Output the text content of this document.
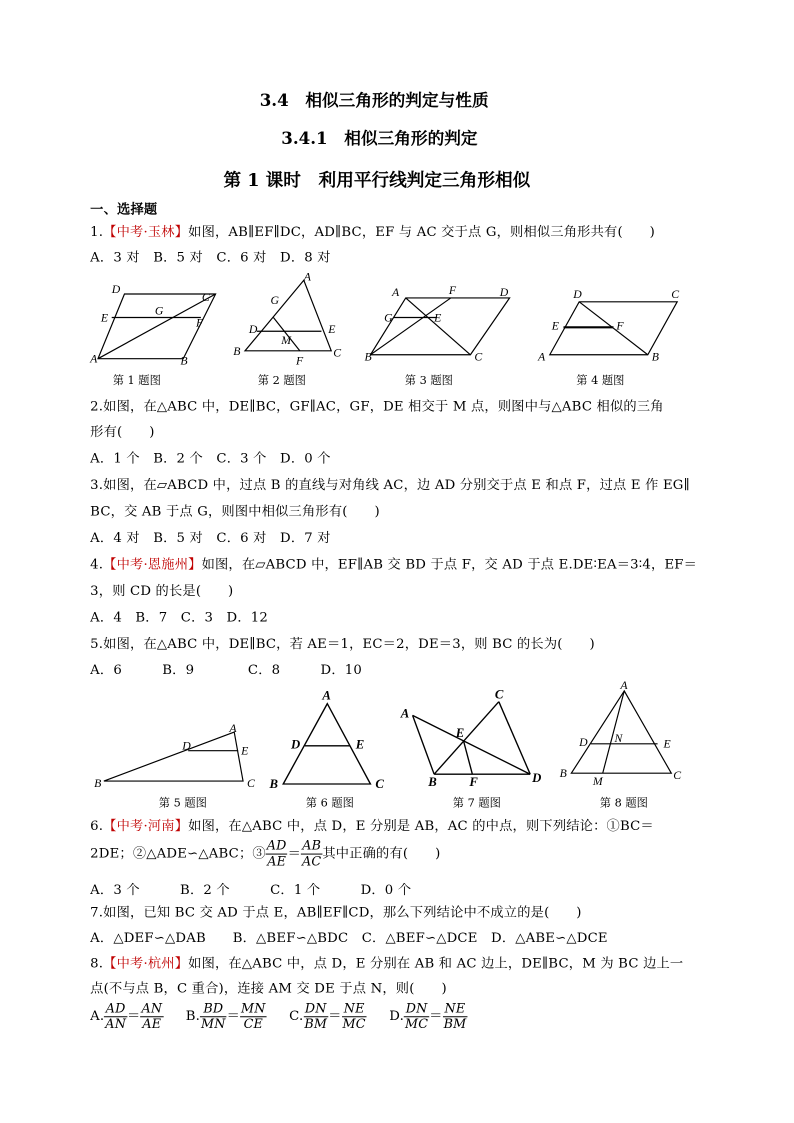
3.4　相似三角形的判定与性质
3.4.1　相似三角形的判定
第 1 课时　利用平行线判定三角形相似
一、选择题
1.【中考·玉林】如图，AB∥EF∥DC，AD∥BC，EF 与 AC 交于点 G，则相似三角形共有(　　)
A．3 对　B．5 对　C．6 对　D．8 对
D
C
E
G
F
A	B
第 1 题图
A
G
D	E
M
B
F
C
第 2 题图
A	F	D
G	E
B	C
第 3 题图
D	C
E	F
A	B
第 4 题图
2.如图，在△ABC 中，DE∥BC，GF∥AC，GF，DE 相交于 M 点，则图中与△ABC 相似的三角
形有(　　)
A．1 个　B．2 个　C．3 个　D．0 个
3.如图，在▱ABCD 中，过点 B 的直线与对角线 AC，边 AD 分别交于点 E 和点 F，过点 E 作 EG∥
BC，交 AB 于点 G，则图中相似三角形有(　　)
A．4 对　B．5 对　C．6 对　D．7 对
4.【中考·恩施州】如图，在▱ABCD 中，EF∥AB 交 BD 于点 F，交 AD 于点 E.DE∶EA＝3∶4，EF＝
3，则 CD 的长是(　　)
A．4　B．7　C．3　D．12
5.如图，在△ABC 中，DE∥BC，若 AE＝1，EC＝2，DE＝3，则 BC 的长为(　　)
A．6　　　B．9　　　　C．8　　　D．10
A
D	E
B	C
第 5 题图
A
D	E
B	C
第 6 题图
C
A
E
B	F	D
第 7 题图
A
D N	E
B
M	C
第 8 题图
6.【中考·河南】如图，在△ABC 中，点 D，E 分别是 AB，AC 的中点，则下列结论：①BC＝
2DE；②△ADE∽△ABC；③ $\frac{AD}{AE} = \frac{AB}{AC}$ 其中正确的有(　　)
A．3 个　　　B．2 个　　　C．1 个　　　D．0 个
7.如图，已知 BC 交 AD 于点 E，AB∥EF∥CD，那么下列结论中不成立的是(　　)
A．△DEF∽△DAB　　B．△BEF∽△BDC　C．△BEF∽△DCE　D．△ABE∽△DCE
8.【中考·杭州】如图，在△ABC 中，点 D，E 分别在 AB 和 AC 边上，DE∥BC，M 为 BC 边上一
点(不与点 B，C 重合)，连接 AM 交 DE 于点 N，则(　　)
A. $\frac{AD}{AN} = \frac{AN}{AE} B$. $\frac{BD}{MN} = \frac{MN}{CE} C$. $\frac{DN}{BM} = \frac{NE}{MC} D$. $\frac{DN}{MC} = \frac{NE}{BM}$
